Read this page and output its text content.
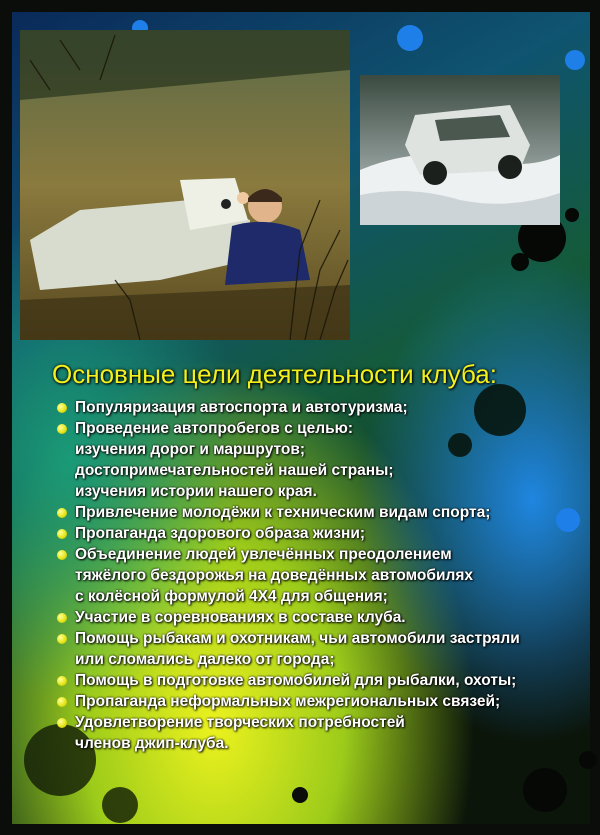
Основные цели деятельности клуба:
Популяризация автоспорта и автотуризма;
Проведение автопробегов с целью:
изучения дорог и маршрутов;
достопримечательностей нашей страны;
изучения истории нашего края.
Привлечение молодёжи к техническим видам спорта;
Пропаганда здорового образа жизни;
Объединение людей увлечённых преодолением
тяжёлого бездорожья на доведённых автомобилях
с колёсной формулой 4Х4 для общения;
Участие в соревнованиях в составе клуба.
Помощь рыбакам и охотникам, чьи автомобили застряли
или сломались далеко от города;
Помощь в подготовке автомобилей для рыбалки, охоты;
Пропаганда неформальных межрегиональных связей;
Удовлетворение творческих потребностей
членов джип-клуба.
